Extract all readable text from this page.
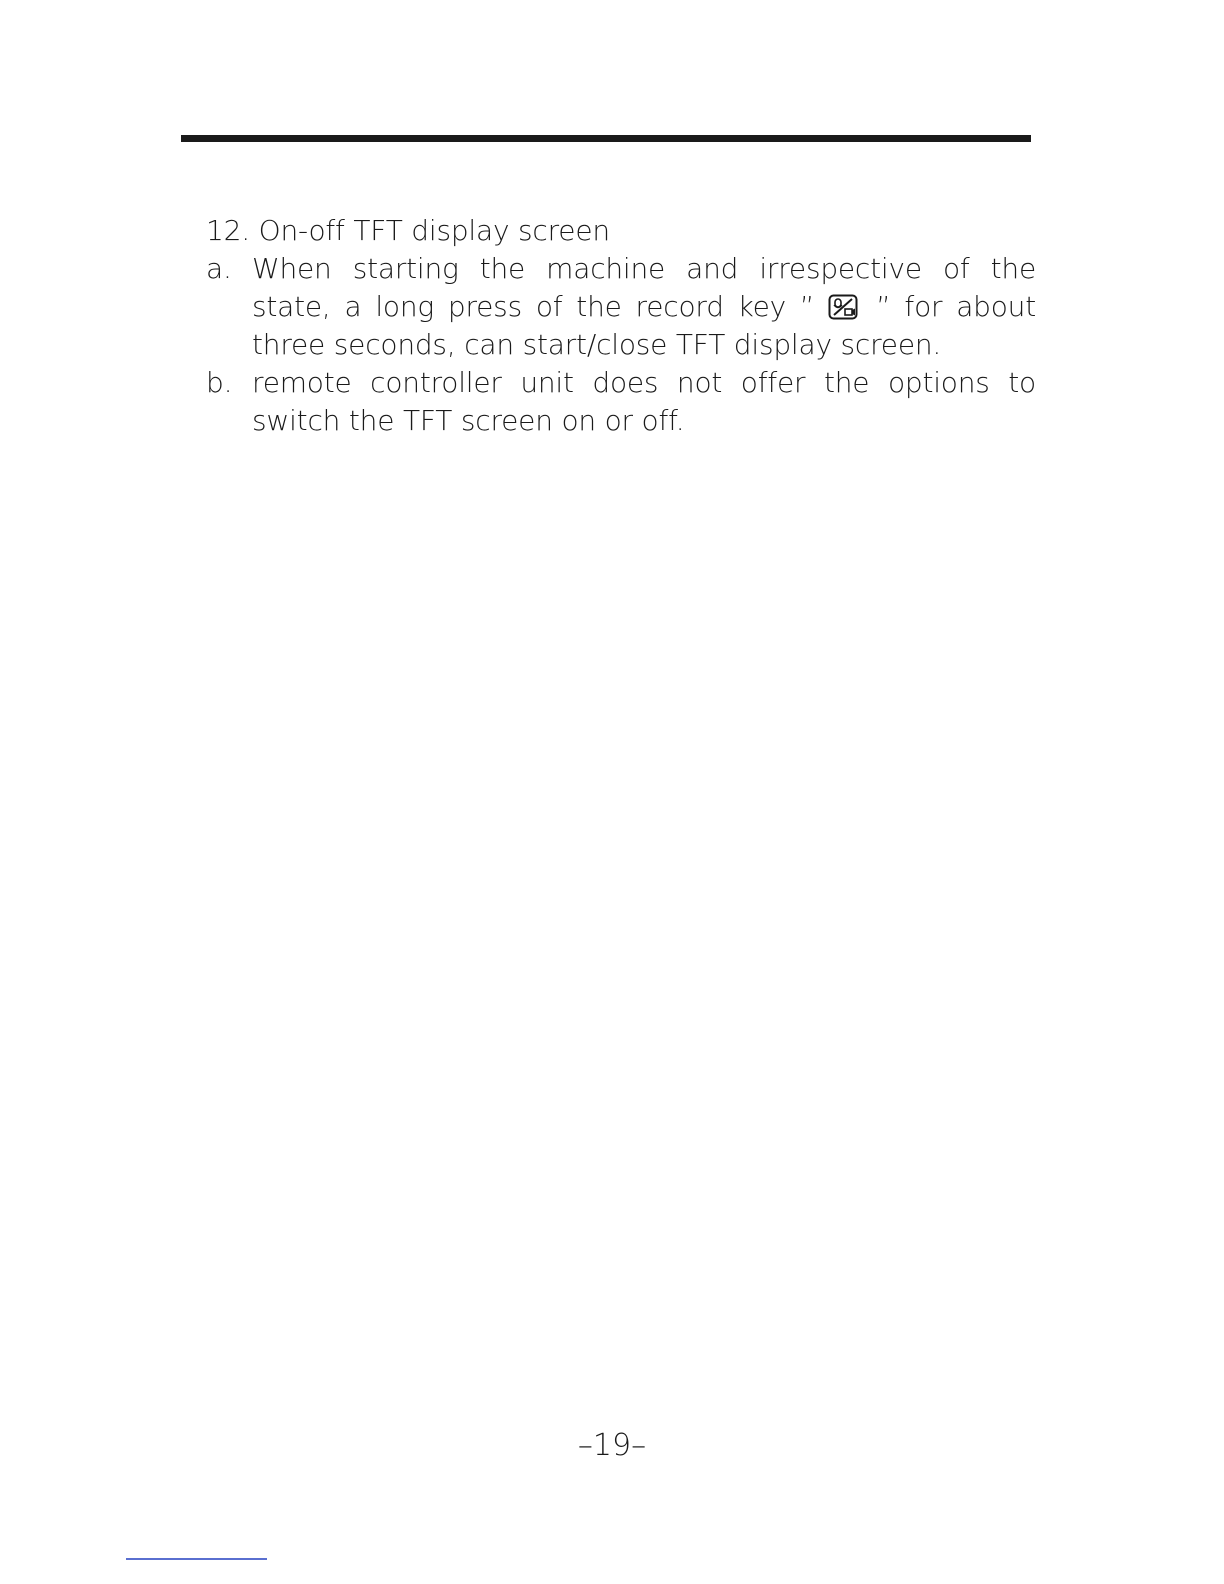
12. On-off TFT display screen

a. When starting the machine and irrespective of the state, a long press of the record key ” ” for about three seconds, can start/close TFT display screen.
b. remote controller unit does not offer the options to switch the TFT screen on or off.
–19–
